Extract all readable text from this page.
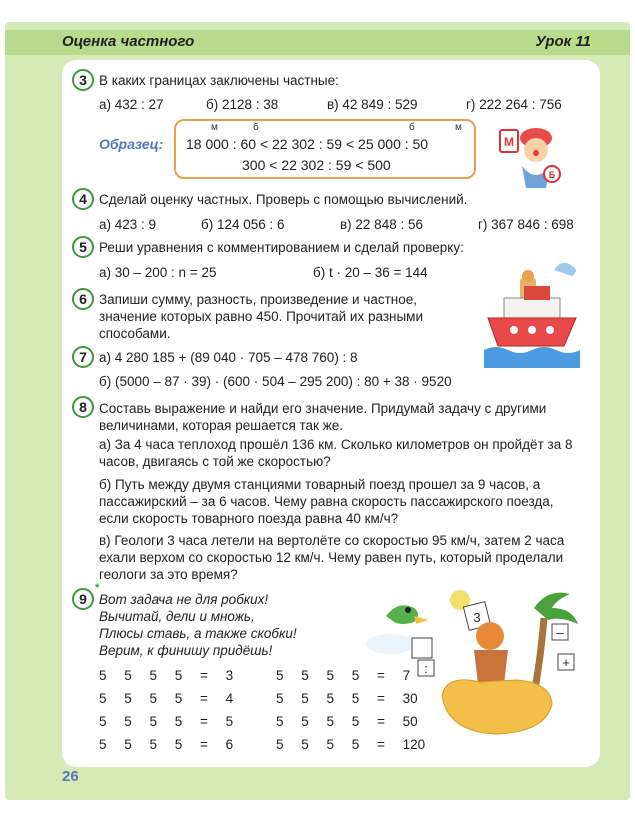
Оценка частного	Урок 11
3 В каких границах заключены частные:
а) 432 : 27	б) 2128 : 38	в) 42 849 : 529	г) 222 264 : 756
Образец:
м	б	б	м
18 000 : 60 < 22 302 : 59 < 25 000 : 50
300 < 22 302 : 59 < 500
М
Б
4 Сделай оценку частных. Проверь с помощью вычислений.
а) 423 : 9	б) 124 056 : 6	в) 22 848 : 56	г) 367 846 : 698
5 Реши уравнения с комментированием и сделай проверку:
а) 30 – 200 : n = 25	б) t · 20 – 36 = 144
6 Запиши сумму, разность, произведение и частное, значение которых равно 450. Прочитай их разными способами.
7 а) 4 280 185 + (89 040 · 705 – 478 760) : 8
б) (5000 – 87 · 39) · (600 · 504 – 295 200) : 80 + 38 · 9520
8 Составь выражение и найди его значение. Придумай задачу с другими величинами, которая решается так же.
а) За 4 часа теплоход прошёл 136 км. Сколько километров он пройдёт за 8 часов, двигаясь с той же скоростью?
б) Путь между двумя станциями товарный поезд прошел за 9 часов, а пассажирский – за 6 часов. Чему равна скорость пассажирского поезда, если скорость товарного поезда равна 40 км/ч?
в) Геологи 3 часа летели на вертолёте со скоростью 95 км/ч, затем 2 часа ехали верхом со скоростью 12 км/ч. Чему равен путь, который проделали геологи за это время?
9
*
Вот задача не для робких!
Вычитай, дели и множь,
Плюсы ставь, а также скобки!
Верим, к финишу придёшь!
5 5 5 5 = 3
5 5 5 5 = 4
5 5 5 5 = 5
5 5 5 5 = 6
5 5 5 5 = 7
5 5 5 5 = 30
5 5 5 5 = 50
5 5 5 5 = 120
3
–
+
:
26
